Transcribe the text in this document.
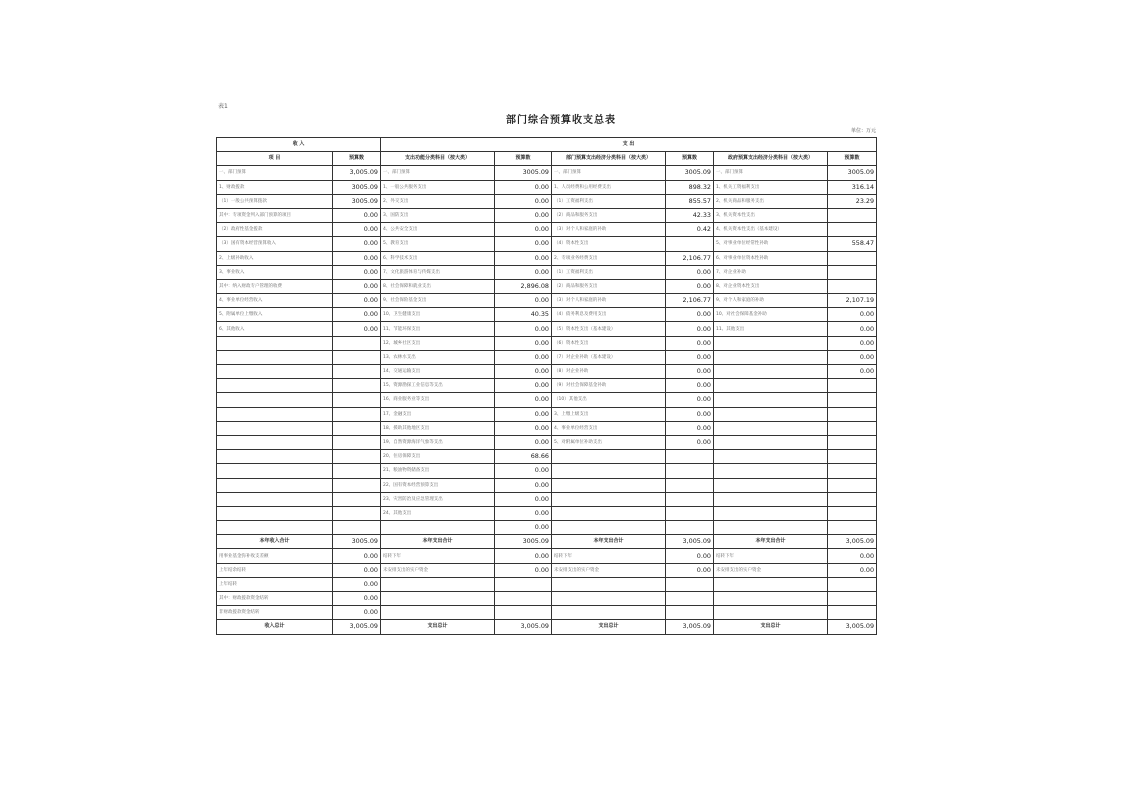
表1
部门综合预算收支总表
单位：万元
收 入		支 出					
项 目	预算数	支出功能分类科目（按大类）	预算数	部门预算支出经济分类科目（按大类）	预算数	政府预算支出经济分类科目（按大类）	预算数
一、部门预算	3,005.09	一、部门预算	3005.09	一、部门预算	3005.09	一、部门预算	3005.09
1、财政拨款	3005.09	1、一般公共服务支出	0.00	1、人员经费和公用经费支出	898.32	1、机关工资福利支出	316.14
（1）一般公共预算拨款	3005.09	2、外交支出	0.00	（1）工资福利支出	855.57	2、机关商品和服务支出	23.29
其中：专项资金列入部门预算的项目	0.00	3、国防支出	0.00	（2）商品和服务支出	42.33	3、机关资本性支出	
（2）政府性基金拨款	0.00	4、公共安全支出	0.00	（3）对个人和家庭的补助	0.42	4、机关资本性支出（基本建设）	
（3）国有资本经营预算收入	0.00	5、教育支出	0.00	（4）资本性支出		5、对事业单位经常性补助	558.47
2、上级补助收入	0.00	6、科学技术支出	0.00	2、专项业务经费支出	2,106.77	6、对事业单位资本性补助	
3、事业收入	0.00	7、文化旅游体育与传媒支出	0.00	（1）工资福利支出	0.00	7、对企业补助	
其中：纳入财政专户管理的收费	0.00	8、社会保障和就业支出	2,896.08	（2）商品和服务支出	0.00	8、对企业资本性支出	
4、事业单位经营收入	0.00	9、社会保险基金支出	0.00	（3）对个人和家庭的补助	2,106.77	9、对个人和家庭的补助	2,107.19
5、附属单位上缴收入	0.00	10、卫生健康支出	40.35	（4）债务利息及费用支出	0.00	10、对社会保障基金补助	0.00
6、其他收入	0.00	11、节能环保支出	0.00	（5）资本性支出（基本建设）	0.00	11、其他支出	0.00
		12、城乡社区支出	0.00	（6）资本性支出	0.00		0.00
		13、农林水支出	0.00	（7）对企业补助（基本建设）	0.00		0.00
		14、交通运输支出	0.00	（8）对企业补助	0.00		0.00
		15、资源勘探工业信息等支出	0.00	（9）对社会保障基金补助	0.00		
		16、商业服务业等支出	0.00	（10）其他支出	0.00		
		17、金融支出	0.00	3、上缴上级支出	0.00		
		18、援助其他地区支出	0.00	4、事业单位经营支出	0.00		
		19、自然资源海洋气象等支出	0.00	5、对附属单位补助支出	0.00		
		20、住房保障支出	68.66				
		21、粮油物资储备支出	0.00				
		22、国有资本经营预算支出	0.00				
		23、灾害防治及应急管理支出	0.00				
		24、其他支出	0.00				
			0.00				
本年收入合计	3005.09	本年支出合计	3005.09	本年支出合计	3,005.09	本年支出合计	3,005.09
用事业基金弥补收支差额	0.00	结转下年	0.00	结转下年	0.00	结转下年	0.00
上年结余结转	0.00	未安排支出的实户资金	0.00	未安排支出的实户资金	0.00	未安排支出的实户资金	0.00
上年结转	0.00						
其中：财政拨款资金结转	0.00						
非财政拨款资金结转	0.00						
收入总计	3,005.09	支出总计	3,005.09	支出总计	3,005.09	支出总计	3,005.09
